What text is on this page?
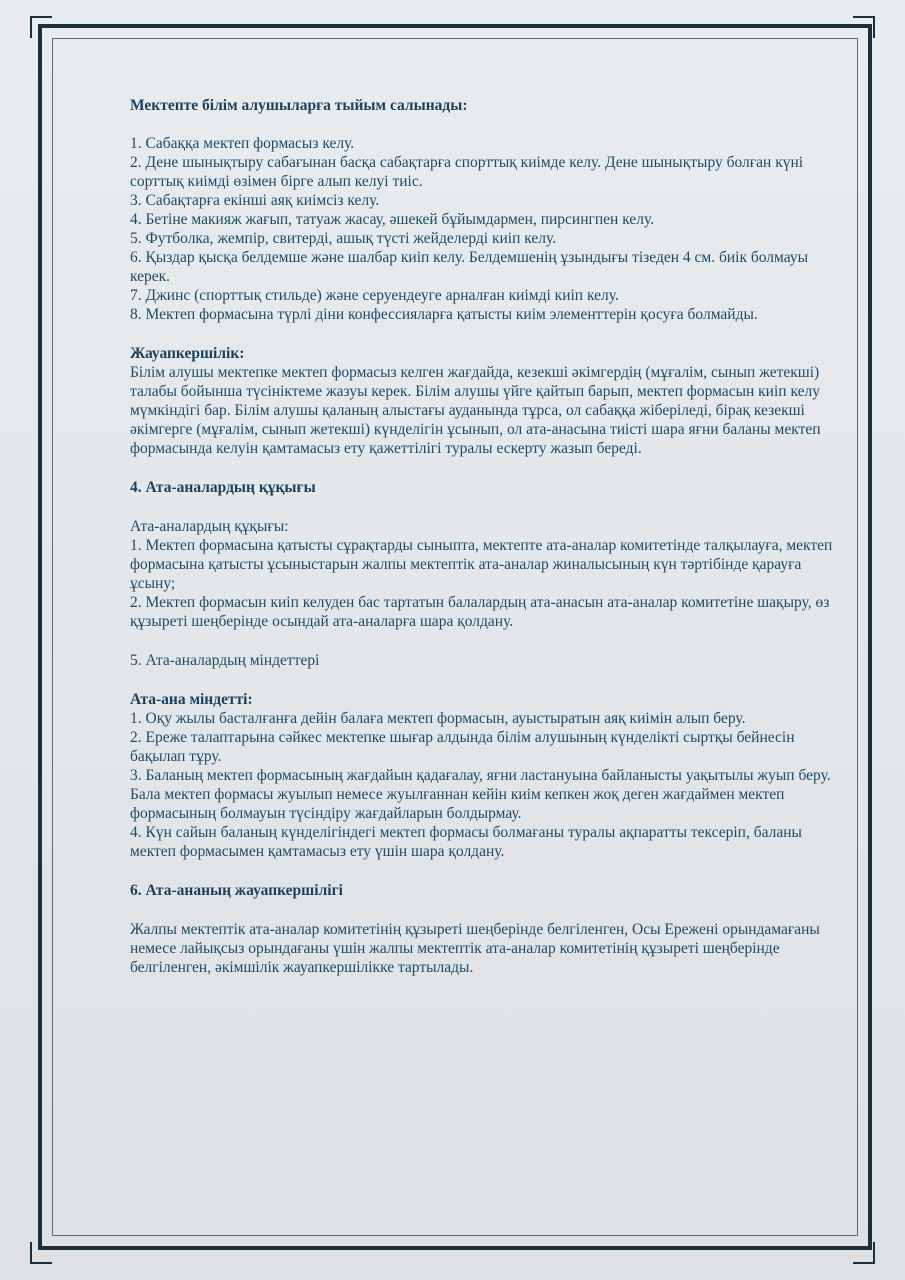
Мектепте білім алушыларға тыйым салынады:

1. Сабаққа мектеп формасыз келу.

2. Дене шынықтыру сабағынан басқа сабақтарға спорттық киімде келу. Дене шынықтыру болған күні сорттық киімді өзімен бірге алып келуі тиіс.

3. Сабақтарға екінші аяқ киімсіз келу.

4. Бетіне макияж жағып, татуаж жасау, әшекей бұйымдармен, пирсингпен келу.

5. Футболка, жемпір, свитерді, ашық түсті жейделерді киіп келу.

6. Қыздар қысқа белдемше және шалбар киіп келу. Белдемшенің ұзындығы тізеден 4 см. биік болмауы керек.

7. Джинс (спорттық стильде) және серуендеуге арналған киімді киіп келу.

8. Мектеп формасына түрлі діни конфессияларға қатысты киім элементтерін қосуға болмайды.

Жауапкершілік:

Білім алушы мектепке мектеп формасыз келген жағдайда, кезекші әкімгердің (мұғалім, сынып жетекші) талабы бойынша түсініктеме жазуы керек. Білім алушы үйге қайтып барып, мектеп формасын киіп келу мүмкіндігі бар. Білім алушы қаланың алыстағы ауданында тұрса, ол сабаққа жіберіледі, бірақ кезекші әкімгерге (мұғалім, сынып жетекші) күнделігін ұсынып, ол ата-анасына тиісті шара яғни баланы мектеп формасында келуін қамтамасыз ету қажеттілігі туралы ескерту жазып береді.

4. Ата-аналардың құқығы

Ата-аналардың құқығы:

1. Мектеп формасына қатысты сұрақтарды сыныпта, мектепте ата-аналар комитетінде талқылауға, мектеп формасына қатысты ұсыныстарын жалпы мектептік ата-аналар жиналысының күн тәртібінде қарауға ұсыну;

2. Мектеп формасын киіп келуден бас тартатын балалардың ата-анасын ата-аналар комитетіне шақыру, өз құзыреті шеңберінде осындай ата-аналарға шара қолдану.

5. Ата-аналардың міндеттері

Ата-ана міндетті:

1. Оқу жылы басталғанға дейін балаға мектеп формасын, ауыстыратын аяқ киімін алып беру.

2. Ереже талаптарына сәйкес мектепке шығар алдында білім алушының күнделікті сыртқы бейнесін бақылап тұру.

3. Баланың мектеп формасының жағдайын қадағалау, яғни ластануына байланысты уақытылы жуып беру. Бала мектеп формасы жуылып немесе жуылғаннан кейін киім кепкен жоқ деген жағдаймен мектеп формасының болмауын түсіндіру жағдайларын болдырмау.

4. Күн сайын баланың күнделігіндегі мектеп формасы болмағаны туралы ақпаратты тексеріп, баланы мектеп формасымен қамтамасыз ету үшін шара қолдану.

6. Ата-ананың жауапкершілігі

Жалпы мектептік ата-аналар комитетінің құзыреті шеңберінде белгіленген, Осы Ережені орындамағаны немесе лайықсыз орындағаны үшін жалпы мектептік ата-аналар комитетінің құзыреті шеңберінде белгіленген, әкімшілік жауапкершілікке тартылады.
